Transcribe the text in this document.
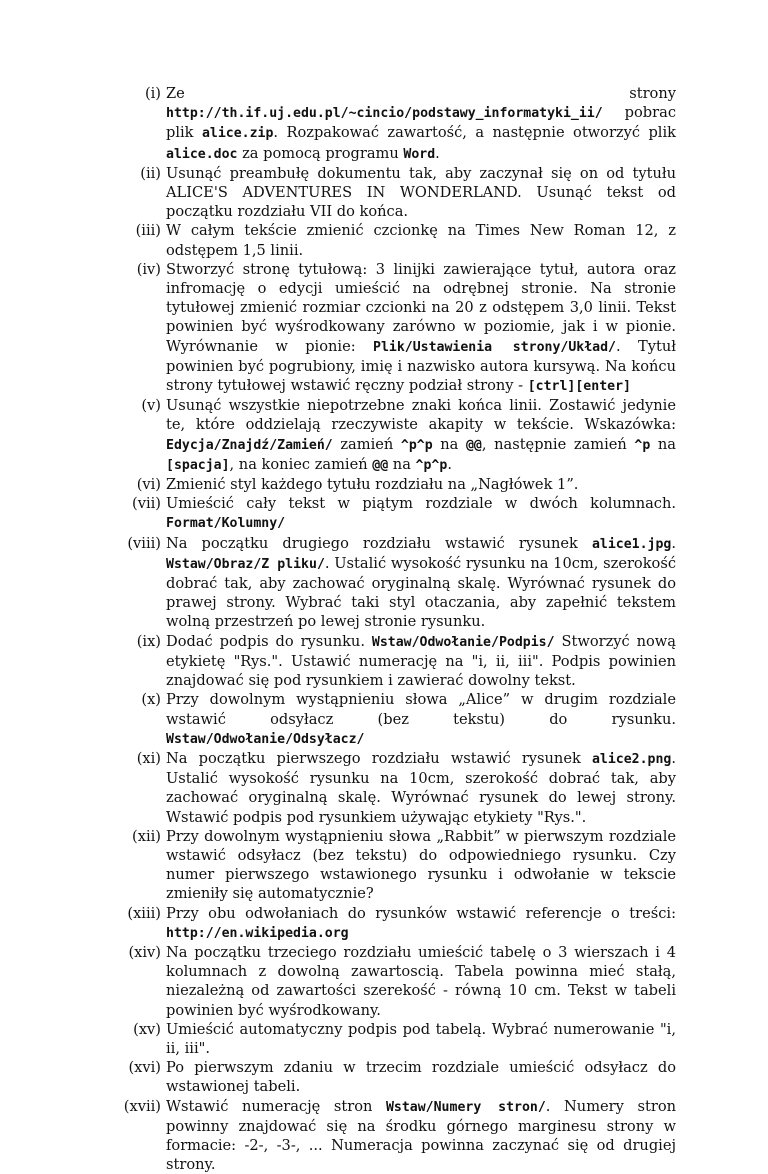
(i) Ze strony http://th.if.uj.edu.pl/~cincio/podstawy_informatyki_ii/ pobrac plik alice.zip. Rozpakować zawartość, a następnie otworzyć plik alice.doc za pomocą programu Word.
(ii) Usunąć preambułę dokumentu tak, aby zaczynał się on od tytułu ALICE'S ADVENTURES IN WONDERLAND. Usunąć tekst od początku rozdziału VII do końca.
(iii) W całym tekście zmienić czcionkę na Times New Roman 12, z odstępem 1,5 linii.
(iv) Stworzyć stronę tytułową: 3 linijki zawierające tytuł, autora oraz infromację o edycji umieścić na odrębnej stronie. Na stronie tytułowej zmienić rozmiar czcionki na 20 z odstępem 3,0 linii. Tekst powinien być wyśrodkowany zarówno w poziomie, jak i w pionie. Wyrównanie w pionie: Plik/Ustawienia strony/Układ/. Tytuł powinien być pogrubiony, imię i nazwisko autora kursywą. Na końcu strony tytułowej wstawić ręczny podział strony - [ctrl][enter]
(v) Usunąć wszystkie niepotrzebne znaki końca linii. Zostawić jedynie te, które oddzielają rzeczywiste akapity w tekście. Wskazówka: Edycja/Znajdź/Zamień/ zamień ^p^p na @@, następnie zamień ^p na [spacja], na koniec zamień @@ na ^p^p.
(vi) Zmienić styl każdego tytułu rozdziału na „Nagłówek 1”.
(vii) Umieścić cały tekst w piątym rozdziale w dwóch kolumnach. Format/Kolumny/
(viii) Na początku drugiego rozdziału wstawić rysunek alice1.jpg. Wstaw/Obraz/Z pliku/. Ustalić wysokość rysunku na 10cm, szerokość dobrać tak, aby zachować oryginalną skalę. Wyrównać rysunek do prawej strony. Wybrać taki styl otaczania, aby zapełnić tekstem wolną przestrzeń po lewej stronie rysunku.
(ix) Dodać podpis do rysunku. Wstaw/Odwołanie/Podpis/ Stworzyć nową etykietę "Rys.". Ustawić numerację na "i, ii, iii". Podpis powinien znajdować się pod rysunkiem i zawierać dowolny tekst.
(x) Przy dowolnym wystąpnieniu słowa „Alice” w drugim rozdziale wstawić odsyłacz (bez tekstu) do rysunku. Wstaw/Odwołanie/Odsyłacz/
(xi) Na początku pierwszego rozdziału wstawić rysunek alice2.png. Ustalić wysokość rysunku na 10cm, szerokość dobrać tak, aby zachować oryginalną skalę. Wyrównać rysunek do lewej strony. Wstawić podpis pod rysunkiem używając etykiety "Rys.".
(xii) Przy dowolnym wystąpnieniu słowa „Rabbit” w pierwszym rozdziale wstawić odsyłacz (bez tekstu) do odpowiedniego rysunku. Czy numer pierwszego wstawionego rysunku i odwołanie w tekscie zmieniły się automatycznie?
(xiii) Przy obu odwołaniach do rysunków wstawić referencje o treści: http://en.wikipedia.org
(xiv) Na początku trzeciego rozdziału umieścić tabelę o 3 wierszach i 4 kolumnach z dowolną zawartoscią. Tabela powinna mieć stałą, niezależną od zawartości szerekość - równą 10 cm. Tekst w tabeli powinien być wyśrodkowany.
(xv) Umieścić automatyczny podpis pod tabelą. Wybrać numerowanie "i, ii, iii".
(xvi) Po pierwszym zdaniu w trzecim rozdziale umieścić odsyłacz do wstawionej tabeli.
(xvii) Wstawić numerację stron Wstaw/Numery stron/. Numery stron powinny znajdować się na środku górnego marginesu strony w formacie: -2-, -3-, ... Numeracja powinna zaczynać się od drugiej strony.
